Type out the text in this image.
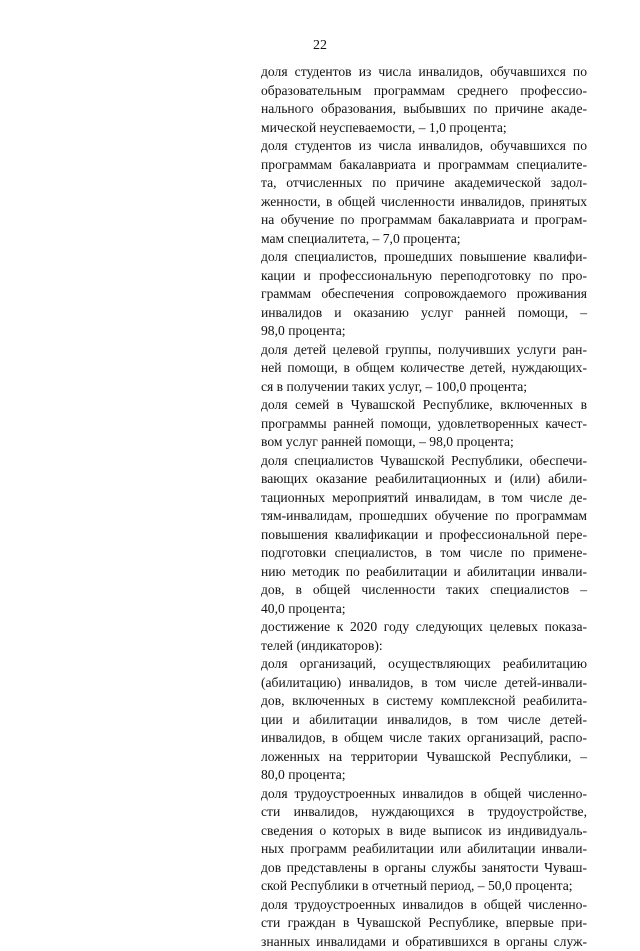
22
доля студентов из числа инвалидов, обучавшихся по
образовательным программам среднего профессио-
нального образования, выбывших по причине акаде-
мической неуспеваемости, – 1,0 процента;
доля студентов из числа инвалидов, обучавшихся по
программам бакалавриата и программам специалите-
та, отчисленных по причине академической задол-
женности, в общей численности инвалидов, принятых
на обучение по программам бакалавриата и програм-
мам специалитета, – 7,0 процента;
доля специалистов, прошедших повышение квалифи-
кации и профессиональную переподготовку по про-
граммам обеспечения сопровождаемого проживания
инвалидов и оказанию услуг ранней помощи, –
98,0 процента;
доля детей целевой группы, получивших услуги ран-
ней помощи, в общем количестве детей, нуждающих-
ся в получении таких услуг, – 100,0 процента;
доля семей в Чувашской Республике, включенных в
программы ранней помощи, удовлетворенных качест-
вом услуг ранней помощи, – 98,0 процента;
доля специалистов Чувашской Республики, обеспечи-
вающих оказание реабилитационных и (или) абили-
тационных мероприятий инвалидам, в том числе де-
тям-инвалидам, прошедших обучение по программам
повышения квалификации и профессиональной пере-
подготовки специалистов, в том числе по примене-
нию методик по реабилитации и абилитации инвали-
дов, в общей численности таких специалистов –
40,0 процента;
достижение к 2020 году следующих целевых показа-
телей (индикаторов):
доля организаций, осуществляющих реабилитацию
(абилитацию) инвалидов, в том числе детей-инвали-
дов, включенных в систему комплексной реабилита-
ции и абилитации инвалидов, в том числе детей-
инвалидов, в общем числе таких организаций, распо-
ложенных на территории Чувашской Республики, –
80,0 процента;
доля трудоустроенных инвалидов в общей численно-
сти инвалидов, нуждающихся в трудоустройстве,
сведения о которых в виде выписок из индивидуаль-
ных программ реабилитации или абилитации инвали-
дов представлены в органы службы занятости Чуваш-
ской Республики в отчетный период, – 50,0 процента;
доля трудоустроенных инвалидов в общей численно-
сти граждан в Чувашской Республике, впервые при-
знанных инвалидами и обратившихся в органы служ-
